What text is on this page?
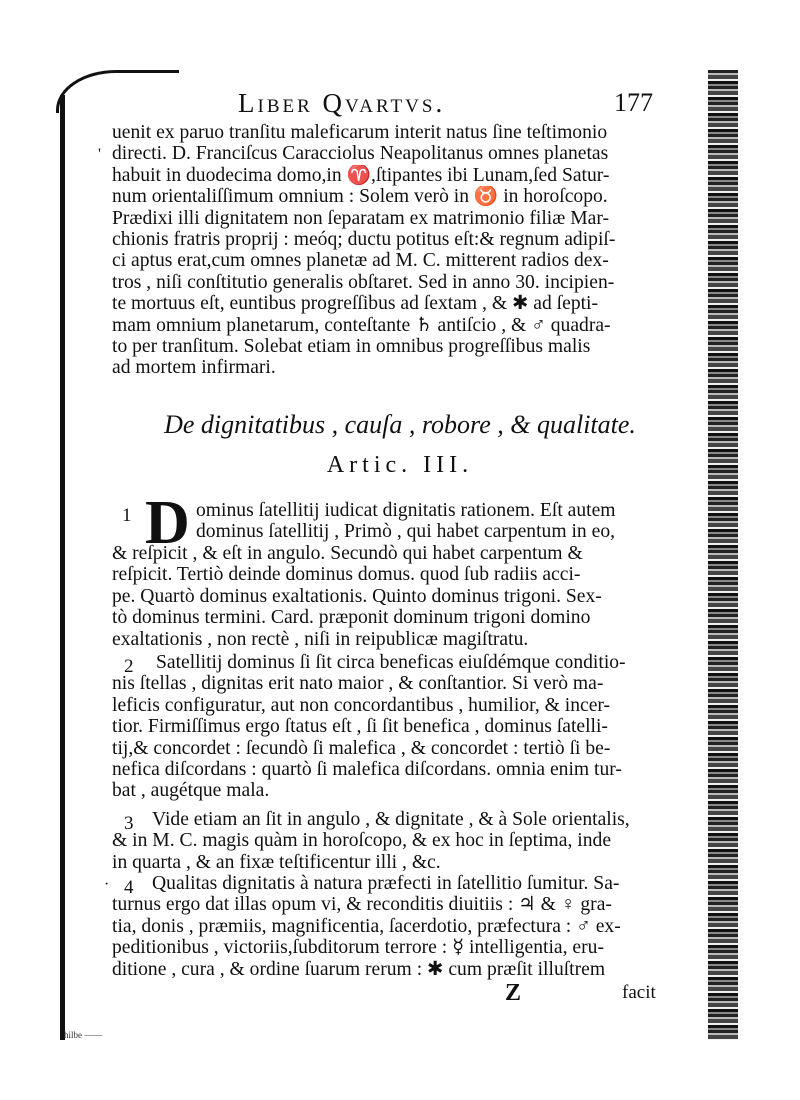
Liber Qvartvs.	177
'
uenit ex paruo tranſitu maleficarum interit natus ſine teſtimonio
directi. D. Franciſcus Caracciolus Neapolitanus omnes planetas
habuit in duodecima domo,in ♈,ſtipantes ibi Lunam,ſed Satur-
num orientaliſſimum omnium : Solem verò in ♉ in horoſcopo.
Prædixi illi dignitatem non ſeparatam ex matrimonio filiæ Mar-
chionis fratris proprij : meóq; ductu potitus eſt:& regnum adipiſ-
ci aptus erat,cum omnes planetæ ad M. C. mitterent radios dex-
tros , niſi conſtitutio generalis obſtaret. Sed in anno 30. incipien-
te mortuus eſt, euntibus progreſſibus ad ſextam , & ✱ ad ſepti-
mam omnium planetarum, conteſtante ♄ antiſcio , & ♂ quadra-
to per tranſitum. Solebat etiam in omnibus progreſſibus malis
ad mortem infirmari.
De dignitatibus , cauſa , robore , & qualitate.
Artic. III.
1 D ominus ſatellitij iudicat dignitatis rationem. Eſt autem
dominus ſatellitij , Primò , qui habet carpentum in eo,
& reſpicit , & eſt in angulo. Secundò qui habet carpentum &
reſpicit. Tertiò deinde dominus domus. quod ſub radiis acci-
pe. Quartò dominus exaltationis. Quinto dominus trigoni. Sex-
tò dominus termini. Card. præponit dominum trigoni domino
exaltationis , non rectè , niſi in reipublicæ magiſtratu.
2	Satellitij dominus ſi ſit circa beneficas eiuſdémque conditio-
nis ſtellas , dignitas erit nato maior , & conſtantior. Si verò ma-
leficis configuratur, aut non concordantibus , humilior, & incer-
tior. Firmiſſimus ergo ſtatus eſt , ſi ſit benefica , dominus ſatelli-
tij,& concordet : ſecundò ſi malefica , & concordet : tertiò ſi be-
nefica diſcordans : quartò ſi malefica diſcordans. omnia enim tur-
bat , augétque mala.
3 Vide etiam an ſit in angulo , & dignitate , & à Sole orientalis,
& in M. C. magis quàm in horoſcopo, & ex hoc in ſeptima, inde
in quarta , & an fixæ teſtificentur illi , &c.
· 4 Qualitas dignitatis à natura præfecti in ſatellitio ſumitur. Sa-
turnus ergo dat illas opum vi, & reconditis diuitiis : ♃ & ♀ gra-
tia, donis , præmiis, magnificentia, ſacerdotio, præfectura : ♂ ex-
peditionibus , victoriis,ſubditorum terrore : ☿ intelligentia, eru-
ditione , cura , & ordine ſuarum rerum : ✱ cum præſit illuſtrem
Z	facit
hilbe ——
